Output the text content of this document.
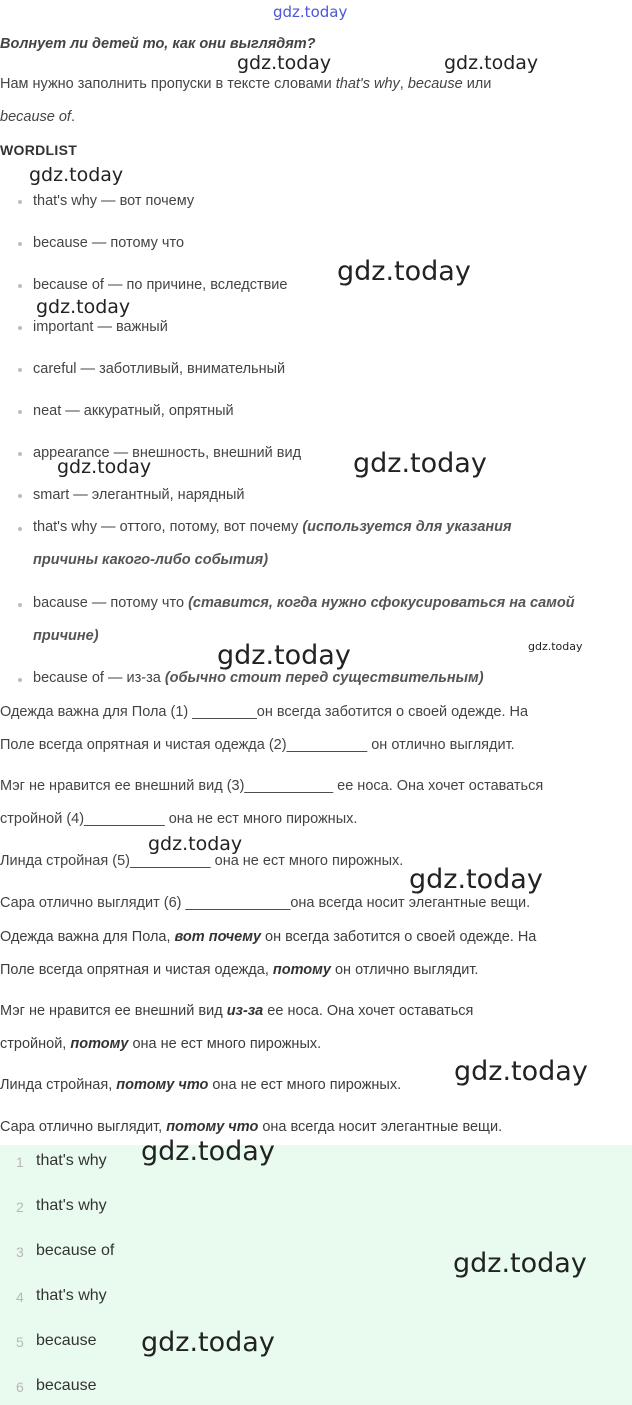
gdz.today
Волнует ли детей то, как они выглядят?
Нам нужно заполнить пропуски в тексте словами that's why, because или
because of.
WORDLIST
that's why — вот почему
because — потому что
because of — по причине, вследствие
important — важный
careful — заботливый, внимательный
neat — аккуратный, опрятный
appearance — внешность, внешний вид
smart — элегантный, нарядный
that's why — оттого, потому, вот почему (используется для указания
причины какого-либо события)
bacause — потому что (ставится, когда нужно сфокусироваться на самой
причине)
because of — из-за (обычно стоит перед существительным)
Одежда важна для Пола (1) ________он всегда заботится о своей одежде. На
Поле всегда опрятная и чистая одежда (2)__________ он отлично выглядит.
Мэг не нравится ее внешний вид (3)___________ ее носа. Она хочет оставаться
стройной (4)__________ она не ест много пирожных.
Линда стройная (5)__________ она не ест много пирожных.
Сара отлично выглядит (6) _____________она всегда носит элегантные вещи.
Одежда важна для Пола, вот почему он всегда заботится о своей одежде. На
Поле всегда опрятная и чистая одежда, потому он отлично выглядит.
Мэг не нравится ее внешний вид из-за ее носа. Она хочет оставаться
стройной, потому она не ест много пирожных.
Линда стройная, потому что она не ест много пирожных.
Сара отлично выглядит, потому что она всегда носит элегантные вещи.
1 that's why
2 that's why
3 because of
4 that's why
5 because
6 because
gdz.today	gdz.today
gdz.today
gdz.today
gdz.today
gdz.today	gdz.today
gdz.today
gdz.today
gdz.today
gdz.today
gdz.today
gdz.today
gdz.today
gdz.today
